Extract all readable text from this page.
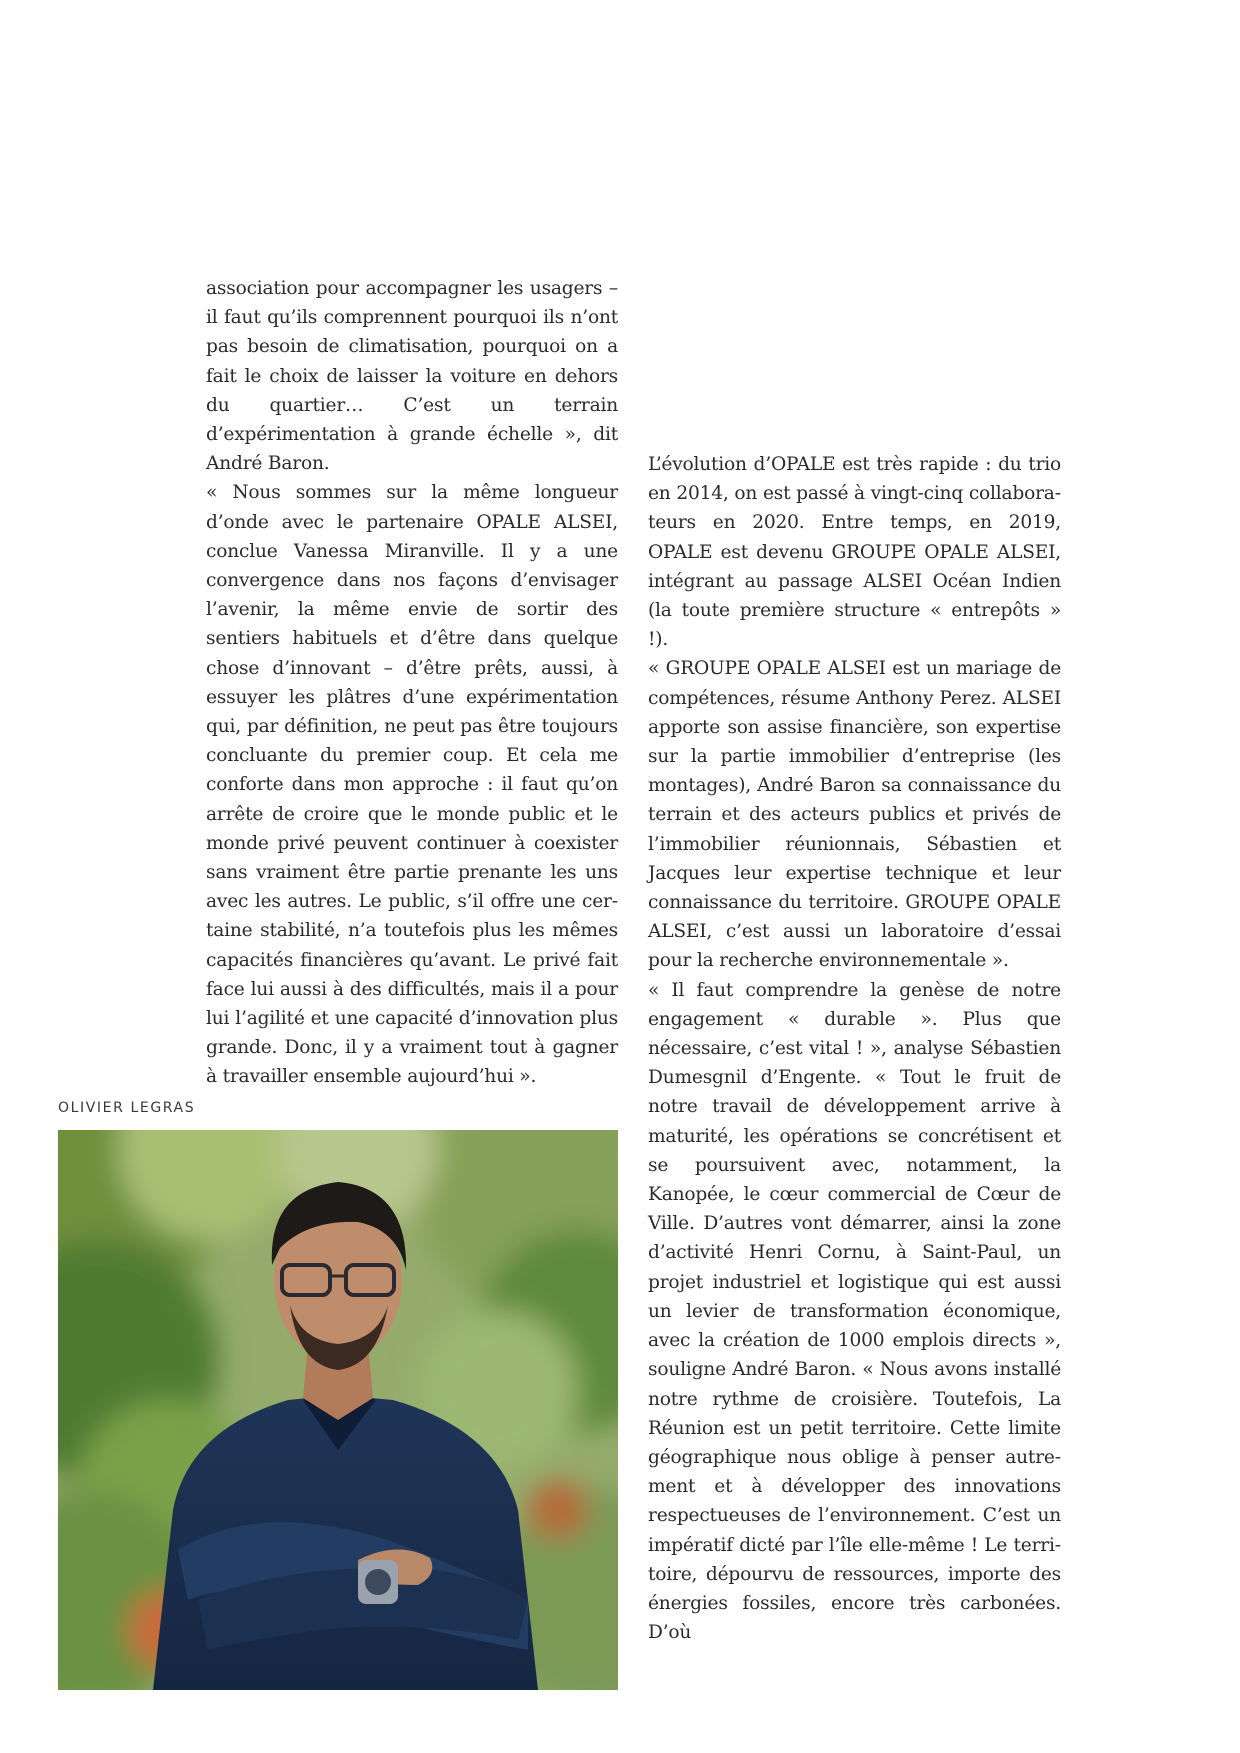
association pour accompagner les usagers – il faut qu’ils comprennent pourquoi ils n’ont pas besoin de climatisation, pourquoi on a fait le choix de laisser la voiture en dehors du quartier… C’est un terrain d’expérimentation à grande échelle », dit André Baron.

« Nous sommes sur la même longueur d’onde avec le partenaire OPALE ALSEI, conclue Vanessa Miranville. Il y a une convergence dans nos façons d’envisager l’avenir, la même envie de sortir des sentiers habituels et d’être dans quelque chose d’innovant – d’être prêts, aussi, à essuyer les plâtres d’une expérimentation qui, par définition, ne peut pas être toujours concluante du premier coup. Et cela me conforte dans mon approche : il faut qu’on arrête de croire que le monde public et le monde privé peuvent continuer à coexister sans vraiment être partie prenante les uns avec les autres. Le public, s’il offre une certaine stabilité, n’a toutefois plus les mêmes capacités financières qu’avant. Le privé fait face lui aussi à des difficultés, mais il a pour lui l’agilité et une capacité d’innovation plus grande. Donc, il y a vraiment tout à gagner à travailler ensemble aujourd’hui ».

L’évolution d’OPALE est très rapide : du trio en 2014, on est passé à vingt-cinq collaborateurs en 2020. Entre temps, en 2019, OPALE est devenu GROUPE OPALE ALSEI, intégrant au passage ALSEI Océan Indien (la toute première structure « entrepôts » !).

« GROUPE OPALE ALSEI est un mariage de compétences, résume Anthony Perez. ALSEI apporte son assise financière, son expertise sur la partie immobilier d’entreprise (les montages), André Baron sa connaissance du terrain et des acteurs publics et privés de l’immobilier réunionnais, Sébastien et Jacques leur expertise technique et leur connaissance du territoire. GROUPE OPALE ALSEI, c’est aussi un laboratoire d’essai pour la recherche environnementale ».

« Il faut comprendre la genèse de notre engagement « durable ». Plus que nécessaire, c’est vital ! », analyse Sébastien Dumesgnil d’Engente. « Tout le fruit de notre travail de développement arrive à maturité, les opérations se concrétisent et se poursuivent avec, notamment, la Kanopée, le cœur commercial de Cœur de Ville. D’autres vont démarrer, ainsi la zone d’activité Henri Cornu, à Saint-Paul, un projet industriel et logistique qui est aussi un levier de transformation économique, avec la création de 1000 emplois directs », souligne André Baron. « Nous avons installé notre rythme de croisière. Toutefois, La Réunion est un petit territoire. Cette limite géographique nous oblige à penser autrement et à développer des innovations respectueuses de l’environnement. C’est un impératif dicté par l’île elle-même ! Le territoire, dépourvu de ressources, importe des énergies fossiles, encore très carbonées. D’où

OLIVIER LEGRAS
